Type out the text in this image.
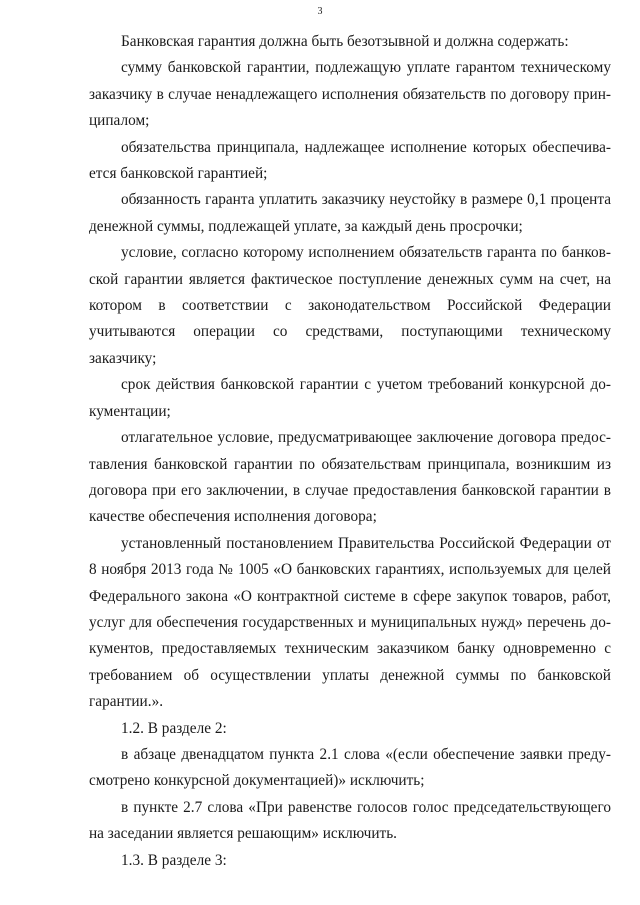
3

Банковская гарантия должна быть безотзывной и должна содержать:

сумму банковской гарантии, подлежащую уплате гарантом техническому заказчику в случае ненадлежащего исполнения обязательств по договору принципалом;

обязательства принципала, надлежащее исполнение которых обеспечивается банковской гарантией;

обязанность гаранта уплатить заказчику неустойку в размере 0,1 процента денежной суммы, подлежащей уплате, за каждый день просрочки;

условие, согласно которому исполнением обязательств гаранта по банковской гарантии является фактическое поступление денежных сумм на счет, на котором в соответствии с законодательством Российской Федерации учитываются операции со средствами, поступающими техническому заказчику;

срок действия банковской гарантии с учетом требований конкурсной документации;

отлагательное условие, предусматривающее заключение договора предоставления банковской гарантии по обязательствам принципала, возникшим из договора при его заключении, в случае предоставления банковской гарантии в качестве обеспечения исполнения договора;

установленный постановлением Правительства Российской Федерации от 8 ноября 2013 года № 1005 «О банковских гарантиях, используемых для целей Федерального закона «О контрактной системе в сфере закупок товаров, работ, услуг для обеспечения государственных и муниципальных нужд» перечень документов, предоставляемых техническим заказчиком банку одновременно с требованием об осуществлении уплаты денежной суммы по банковской гарантии.».

1.2. В разделе 2:

в абзаце двенадцатом пункта 2.1 слова «(если обеспечение заявки предусмотрено конкурсной документацией)» исключить;

в пункте 2.7 слова «При равенстве голосов голос председательствующего на заседании является решающим» исключить.

1.3. В разделе 3:
